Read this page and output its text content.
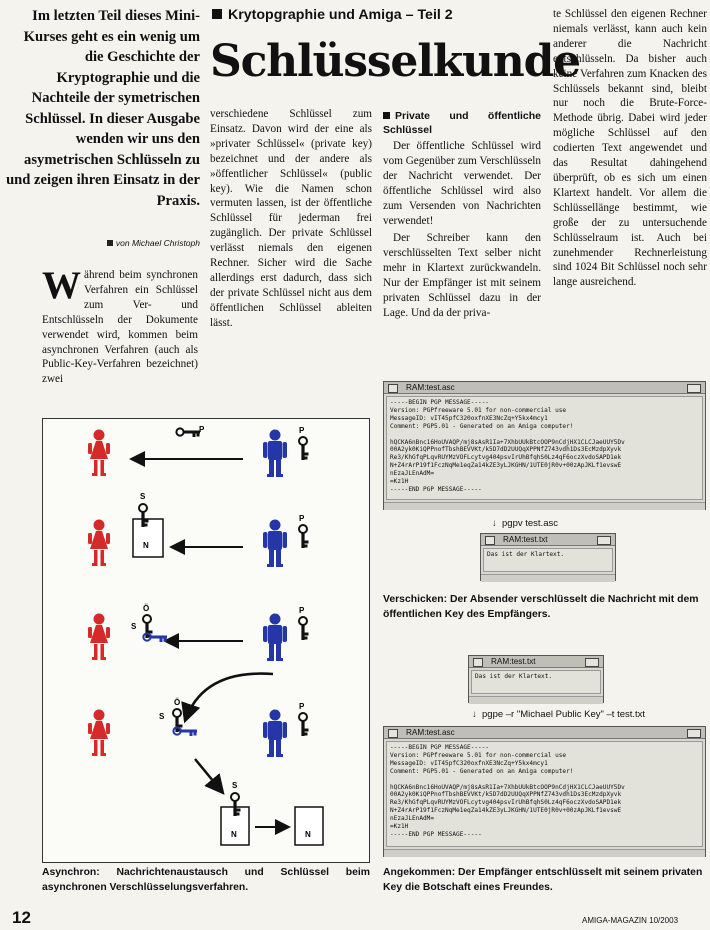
Im letzten Teil dieses Mini-Kurses geht es ein wenig um die Geschichte der Kryptographie und die Nachteile der symetrischen Schlüssel. In dieser Ausgabe wenden wir uns den asymetrischen Schlüsseln zu und zeigen ihren Einsatz in der Praxis.
von Michael Christoph
Während beim synchronen Verfahren ein Schlüssel zum Ver- und Entschlüsseln der Dokumente verwendet wird, kommen beim asynchronen Verfahren (auch als Public-Key-Verfahren bezeichnet) zwei
Krytopgraphie und Amiga – Teil 2
Schlüsselkunde
verschiedene Schlüssel zum Einsatz. Davon wird der eine als »privater Schlüssel« (private key) bezeichnet und der andere als »öffentlicher Schlüssel« (public key). Wie die Namen schon vermuten lassen, ist der öffentliche Schlüssel für jederman frei zugänglich. Der private Schlüssel verlässt niemals den eigenen Rechner. Sicher wird die Sache allerdings erst dadurch, dass sich der private Schlüssel nicht aus dem öffentlichen Schlüssel ableiten lässt.
Private und öffentliche Schlüssel

Der öffentliche Schlüssel wird vom Gegenüber zum Verschlüsseln der Nachricht verwendet. Der öffentliche Schlüssel wird also zum Versenden von Nachrichten verwendet!

Der Schreiber kann den verschlüsselten Text selber nicht mehr in Klartext zurückwandeln. Nur der Empfänger ist mit seinem privaten Schlüssel dazu in der Lage. Und da der priva-

te Schlüssel den eigenen Rechner niemals verlässt, kann auch kein anderer die Nachricht entschlüsseln. Da bisher auch keine Verfahren zum Knacken des Schlüssels bekannt sind, bleibt nur noch die Brute-Force-Methode übrig. Dabei wird jeder mögliche Schlüssel auf den codierten Text angewendet und das Resultat dahingehend überprüft, ob es sich um einen Klartext handelt. Vor allem die Schlüssellänge bestimmt, wie große der zu untersuchende Schlüsselraum ist. Auch bei zunehmender Rechnerleistung sind 1024 Bit Schlüssel noch sehr lange ausreichend.
P	P
N
S
P
Ö
S
P
Ö
S
P
N
S
N
Asynchron: Nachrichtenaustausch und Schlüssel beim asynchronen Verschlüsselungsverfahren.
RAM:test.asc
-----BEGIN PGP MESSAGE-----
Version: PGPfreeware 5.01 for non-commercial use
MessageID: vIT45pfC320oxfnXE3NcZq+Y5kx4mcy1
Comment: PGP5.01 - Generated on an Amiga computer!

hQCKA6nBnc16HoUVAQP/mj8sAsR1Ia+7XhbUUkBtcOOP9nCdjHX1CLCJaeUUY5Dv
00A2yk0KiQPPnofTbshBEVVKt/k5D7dD2UUQqXPPNfZ743vdh1Ds3EcMzdpXyvk
Re3/KhGfqPLqvRUYMzVOFLcytvg404psvIrUhBfqhS0Lz4qF6oczXvdoSAPD1ek
N+Z4rArP19f1FczNqMe1eqZa14kZE3yLJKGHN/1UTE0jR0v+00zApJKLf1evswE
nEzaJLEnAdM=
=Kz1H
-----END PGP MESSAGE-----
↓ pgpv test.asc
RAM:test.txt
Das ist der Klartext.
Verschicken: Der Absender verschlüsselt die Nachricht mit dem öffentlichen Key des Empfängers.
RAM:test.txt
Das ist der Klartext.
↓ pgpe –r "Michael Public Key" –t test.txt
RAM:test.asc
-----BEGIN PGP MESSAGE-----
Version: PGPfreeware 5.01 for non-commercial use
MessageID: vIT45pfC320oxfnXE3NcZq+Y5kx4mcy1
Comment: PGP5.01 - Generated on an Amiga computer!

hQCKA6nBnc16HoUVAQP/mj8sAsR1Ia+7XhbUUkBtcOOP9nCdjHX1CLCJaeUUY5Dv
00A2yk0KiQPPnofTbshBEVVKt/k5D7dD2UUQqXPPNfZ743vdh1Ds3EcMzdpXyvk
Re3/KhGfqPLqvRUYMzVOFLcytvg404psvIrUhBfqhS0Lz4qF6oczXvdoSAPD1ek
N+Z4rArP19f1FczNqMe1eqZa14kZE3yLJKGHN/1UTE0jR0v+00zApJKLf1evswE
nEzaJLEnAdM=
=Kz1H
-----END PGP MESSAGE-----
Angekommen: Der Empfänger entschlüsselt mit seinem privaten Key die Botschaft eines Freundes.
12	AMIGA-MAGAZIN 10/2003
